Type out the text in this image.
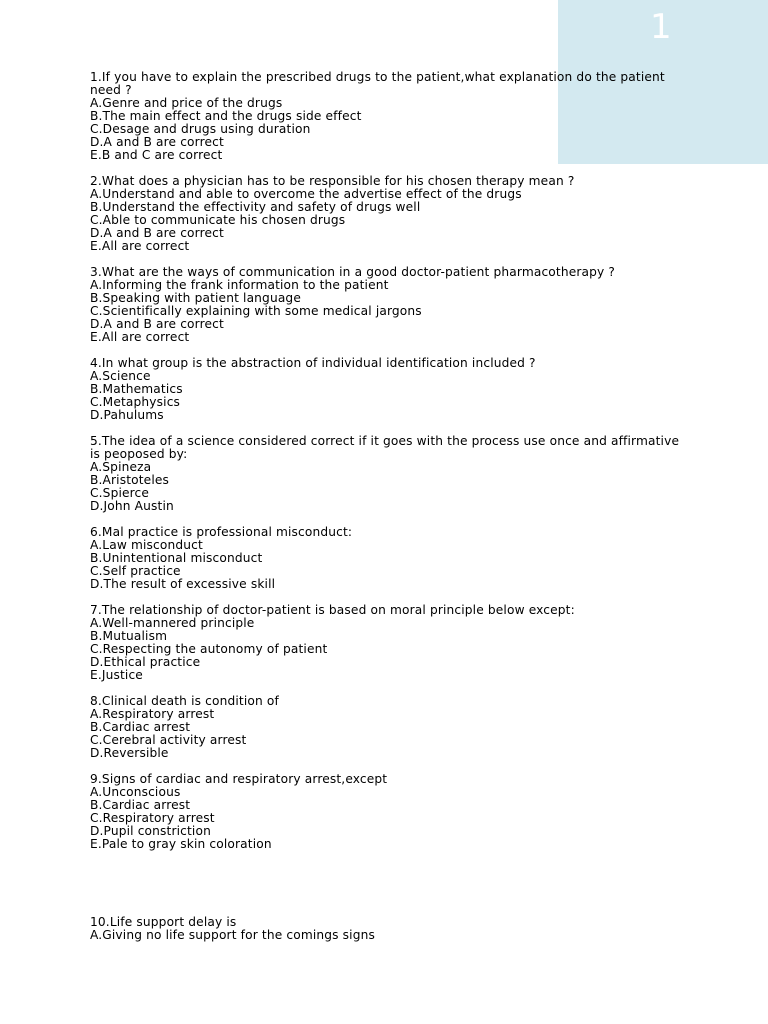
1
1.If you have to explain the prescribed drugs to the patient,what explanation do the patient need ?
A.Genre and price of the drugs
B.The main effect and the drugs side effect
C.Desage and drugs using duration
D.A and B are correct
E.B and C are correct
2.What does a physician has to be responsible for his chosen therapy mean ?
A.Understand and able to overcome the advertise effect of the drugs
B.Understand the effectivity and safety of drugs well
C.Able to communicate his chosen drugs
D.A and B are correct
E.All are correct
3.What are the ways of communication in a good doctor-patient pharmacotherapy ?
A.Informing the frank information to the patient
B.Speaking with patient language
C.Scientifically explaining with some medical jargons
D.A and B are correct
E.All are correct
4.In what group is the abstraction of individual identification included ?
A.Science
B.Mathematics
C.Metaphysics
D.Pahulums
5.The idea of a science considered correct if it goes with the process use once and affirmative is peoposed by:
A.Spineza
B.Aristoteles
C.Spierce
D.John Austin
6.Mal practice is professional misconduct:
A.Law misconduct
B.Unintentional misconduct
C.Self practice
D.The result of excessive skill
7.The relationship of doctor-patient is based on moral principle below except:
A.Well-mannered principle
B.Mutualism
C.Respecting the autonomy of patient
D.Ethical practice
E.Justice
8.Clinical death is condition of
A.Respiratory arrest
B.Cardiac arrest
C.Cerebral activity arrest
D.Reversible
9.Signs of cardiac and respiratory arrest,except
A.Unconscious
B.Cardiac arrest
C.Respiratory arrest
D.Pupil constriction
E.Pale to gray skin coloration
10.Life support delay is
A.Giving no life support for the comings signs
